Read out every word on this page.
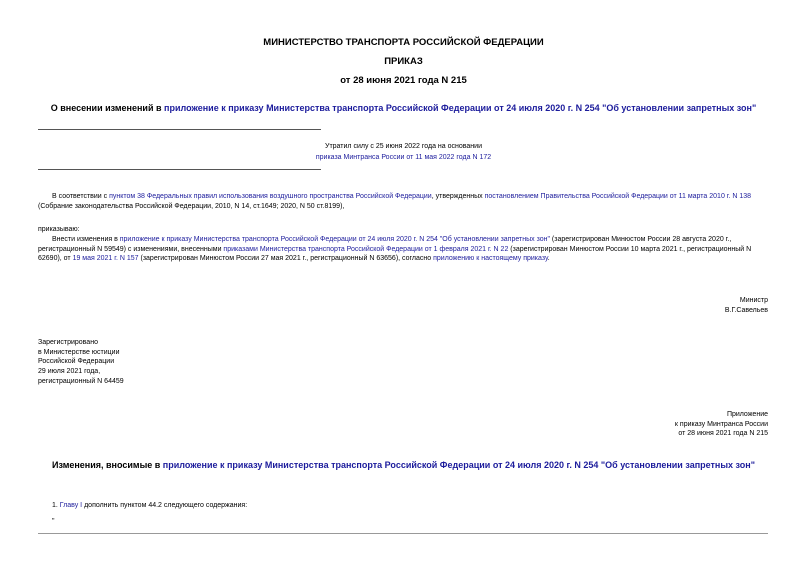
МИНИСТЕРСТВО ТРАНСПОРТА РОССИЙСКОЙ ФЕДЕРАЦИИ
ПРИКАЗ
от 28 июня 2021 года N 215
О внесении изменений в приложение к приказу Министерства транспорта Российской Федерации от 24 июля 2020 г. N 254 "Об установлении запретных зон"
Утратил силу с 25 июня 2022 года на основании
приказа Минтранса России от 11 мая 2022 года N 172
В соответствии с пунктом 38 Федеральных правил использования воздушного пространства Российской Федерации, утвержденных постановлением Правительства Российской Федерации от 11 марта 2010 г. N 138 (Собрание законодательства Российской Федерации, 2010, N 14, ст.1649; 2020, N 50 ст.8199),
приказываю:
Внести изменения в приложение к приказу Министерства транспорта Российской Федерации от 24 июля 2020 г. N 254 "Об установлении запретных зон" (зарегистрирован Минюстом России 28 августа 2020 г., регистрационный N 59549) с изменениями, внесенными приказами Министерства транспорта Российской Федерации от 1 февраля 2021 г. N 22 (зарегистрирован Минюстом России 10 марта 2021 г., регистрационный N 62690), от 19 мая 2021 г. N 157 (зарегистрирован Минюстом России 27 мая 2021 г., регистрационный N 63656), согласно приложению к настоящему приказу.
Министр
В.Г.Савельев
Зарегистрировано
в Министерстве юстиции
Российской Федерации
29 июля 2021 года,
регистрационный N 64459
Приложение
к приказу Минтранса России
от 28 июня 2021 года N 215
Изменения, вносимые в приложение к приказу Министерства транспорта Российской Федерации от 24 июля 2020 г. N 254 "Об установлении запретных зон"
1. Главу I дополнить пунктом 44.2 следующего содержания:
"
